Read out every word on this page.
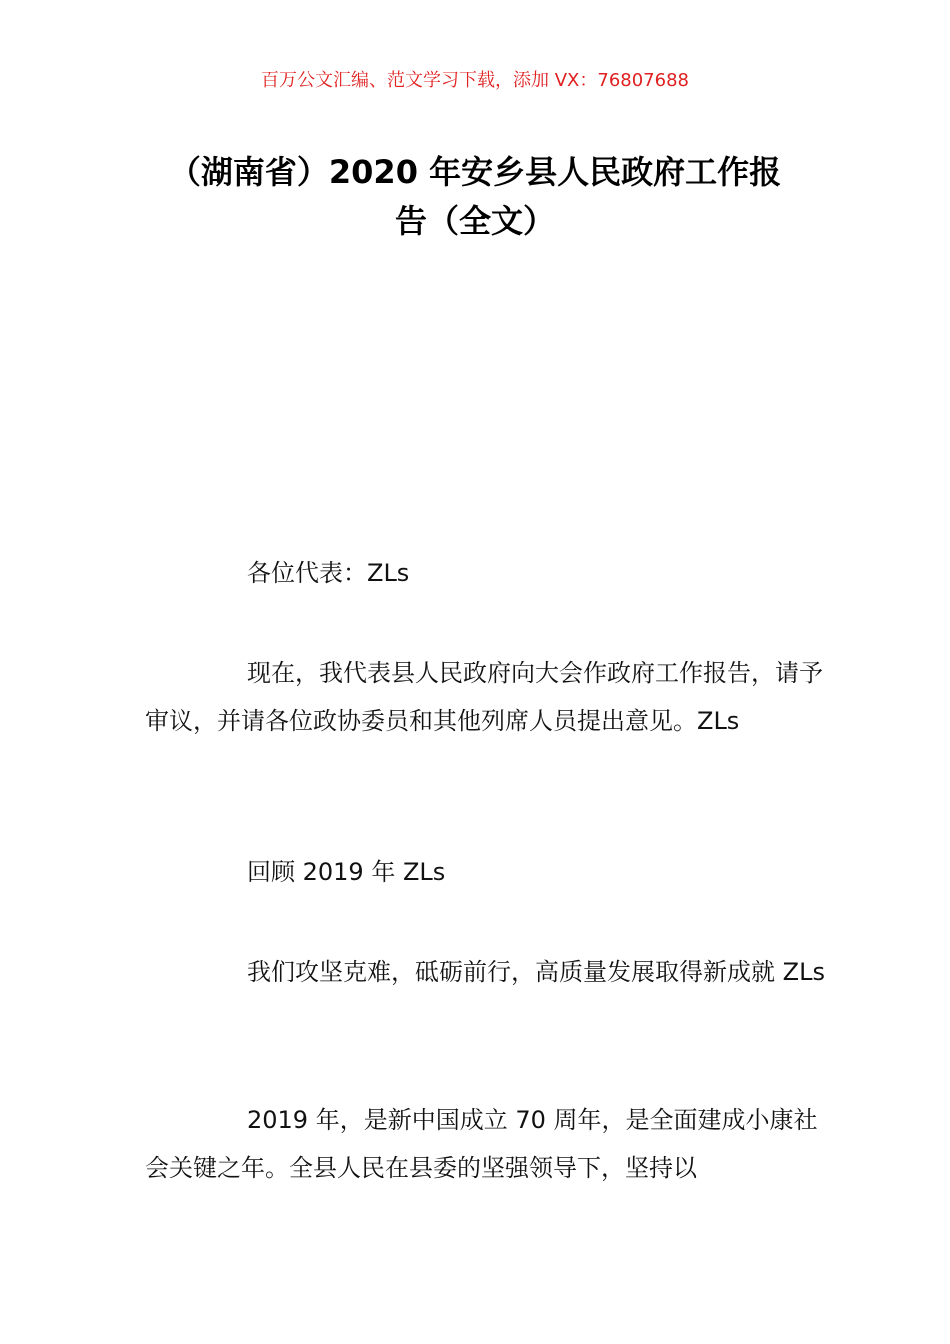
百万公文汇编、范文学习下载，添加 VX：76807688
（湖南省）2020 年安乡县人民政府工作报
告（全文）

各位代表：ZLs

现在，我代表县人民政府向大会作政府工作报告，请予审议，并请各位政协委员和其他列席人员提出意见。ZLs

回顾 2019 年 ZLs

我们攻坚克难，砥砺前行，高质量发展取得新成就 ZLs

2019 年，是新中国成立 70 周年，是全面建成小康社会关键之年。全县人民在县委的坚强领导下，坚持以
